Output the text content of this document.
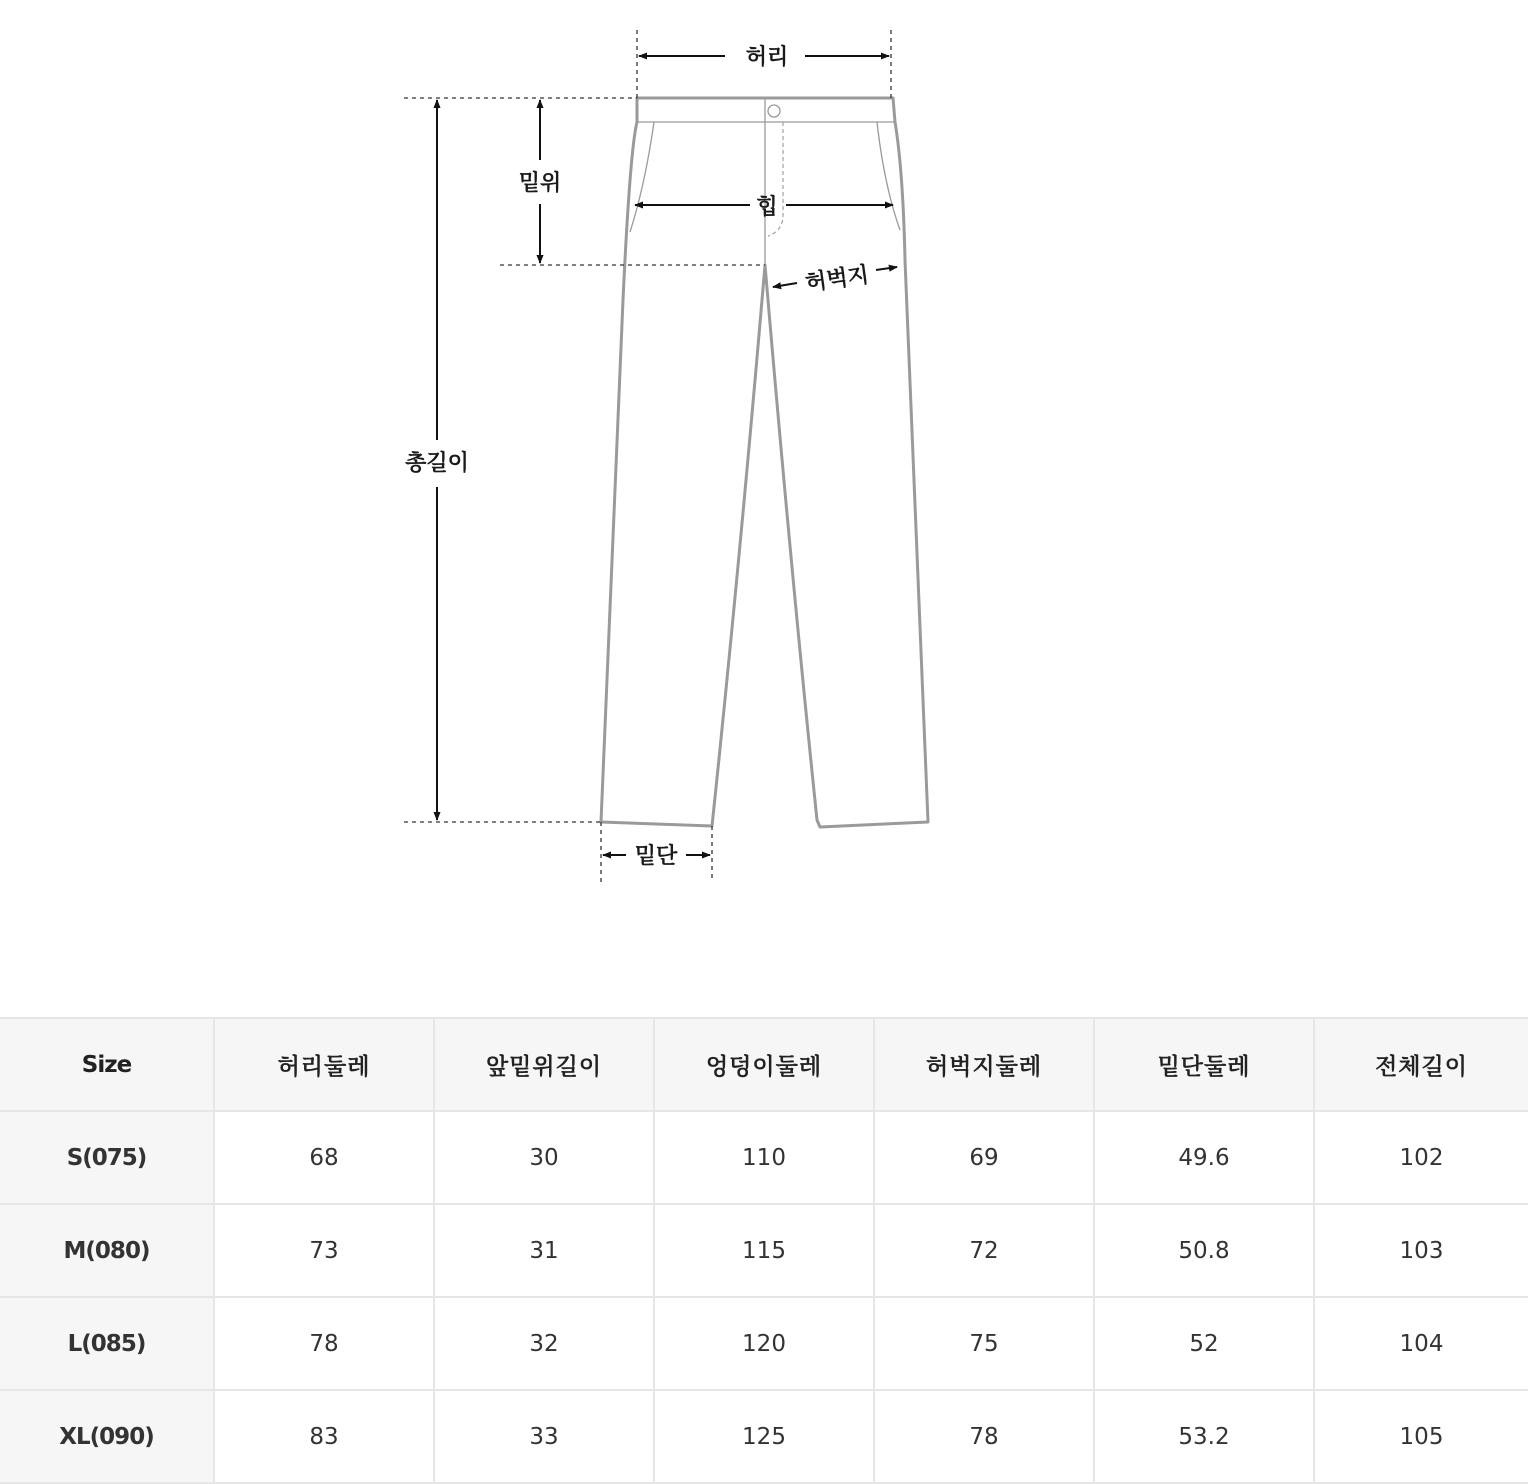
허리
밑위
힙
허벅지
총길이
밑단
Size	허리둘레	앞밑위길이	엉덩이둘레	허벅지둘레	밑단둘레	전체길이
S(075)	68	30	110	69	49.6	102
M(080)	73	31	115	72	50.8	103
L(085)	78	32	120	75	52	104
XL(090)	83	33	125	78	53.2	105
